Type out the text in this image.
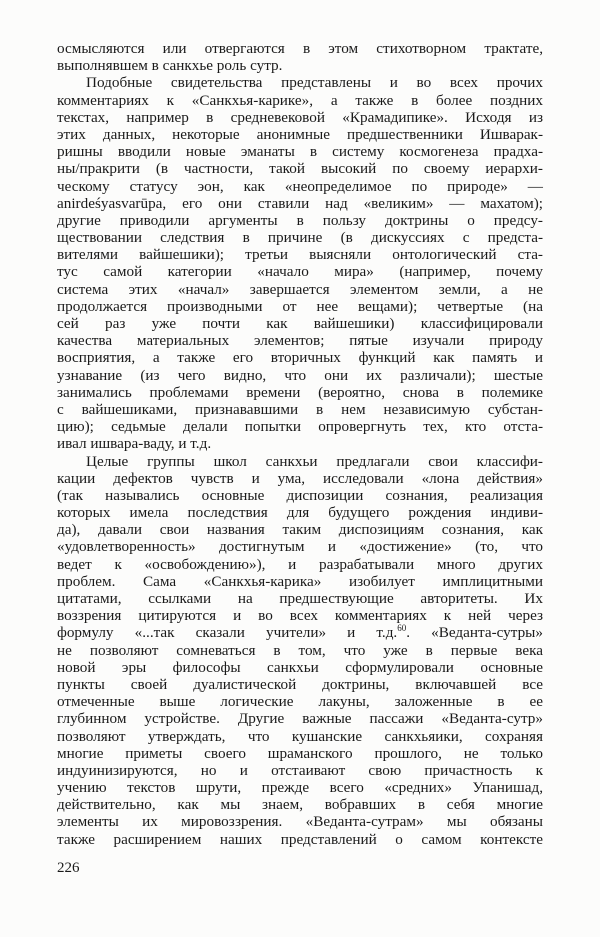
осмысляются или отвергаются в этом стихотворном трактате,
выполнявшем в санкхье роль сутр.
Подобные свидетельства представлены и во всех прочих
комментариях к «Санкхья-карике», а также в более поздних
текстах, например в средневековой «Крамадипике». Исходя из
этих данных, некоторые анонимные предшественники Ишварак-
ришны вводили новые эманаты в систему космогенеза прадха-
ны/пракрити (в частности, такой высокий по своему иерархи-
ческому статусу эон, как «неопределимое по природе» —
anirdeśyasvarūpa, его они ставили над «великим» — махатом);
другие приводили аргументы в пользу доктрины о предсу-
ществовании следствия в причине (в дискуссиях с предста-
вителями вайшешики); третьи выясняли онтологический ста-
тус самой категории «начало мира» (например, почему
система этих «начал» завершается элементом земли, а не
продолжается производными от нее вещами); четвертые (на
сей раз уже почти как вайшешики) классифицировали
качества материальных элементов; пятые изучали природу
восприятия, а также его вторичных функций как память и
узнавание (из чего видно, что они их различали); шестые
занимались проблемами времени (вероятно, снова в полемике
с вайшешиками, признававшими в нем независимую субстан-
цию); седьмые делали попытки опровергнуть тех, кто отста-
ивал ишвара-ваду, и т.д.
Целые группы школ санкхьи предлагали свои классифи-
кации дефектов чувств и ума, исследовали «лона действия»
(так назывались основные диспозиции сознания, реализация
которых имела последствия для будущего рождения индиви-
да), давали свои названия таким диспозициям сознания, как
«удовлетворенность» достигнутым и «достижение» (то, что
ведет к «освобождению»), и разрабатывали много других
проблем. Сама «Санкхья-карика» изобилует имплицитными
цитатами, ссылками на предшествующие авторитеты. Их
воззрения цитируются и во всех комментариях к ней через
формулу «...так сказали учители» и т.д.$^{60}$. «Веданта-сутры»
не позволяют сомневаться в том, что уже в первые века
новой эры философы санкхьи сформулировали основные
пункты своей дуалистической доктрины, включавшей все
отмеченные выше логические лакуны, заложенные в ее
глубинном устройстве. Другие важные пассажи «Веданта-сутр»
позволяют утверждать, что кушанские санкхьяики, сохраняя
многие приметы своего шраманского прошлого, не только
индуинизируются, но и отстаивают свою причастность к
учению текстов шрути, прежде всего «средних» Упанишад,
действительно, как мы знаем, вобравших в себя многие
элементы их мировоззрения. «Веданта-сутрам» мы обязаны
также расширением наших представлений о самом контексте
226
